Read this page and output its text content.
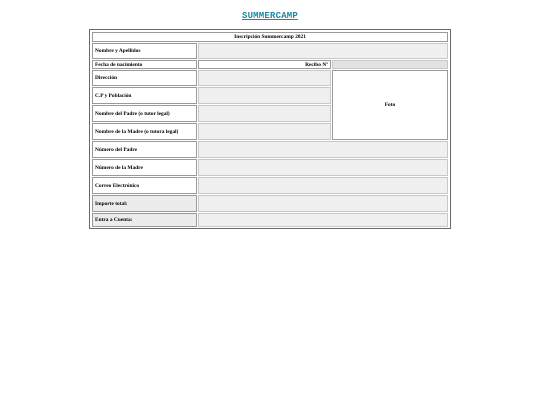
SUMMERCAMP
Inscripción Summercamp 2021
Nombre y Apellidos
Fecha de nacimiento	Recibo Nº
Dirección
Foto
C.P y Población
Nombre del Padre (o tutor legal)
Nombre de la Madre (o tutora legal)
Número del Padre
Número de la Madre
Correo Electrónico
Importe total:
Entra a Cuenta:
